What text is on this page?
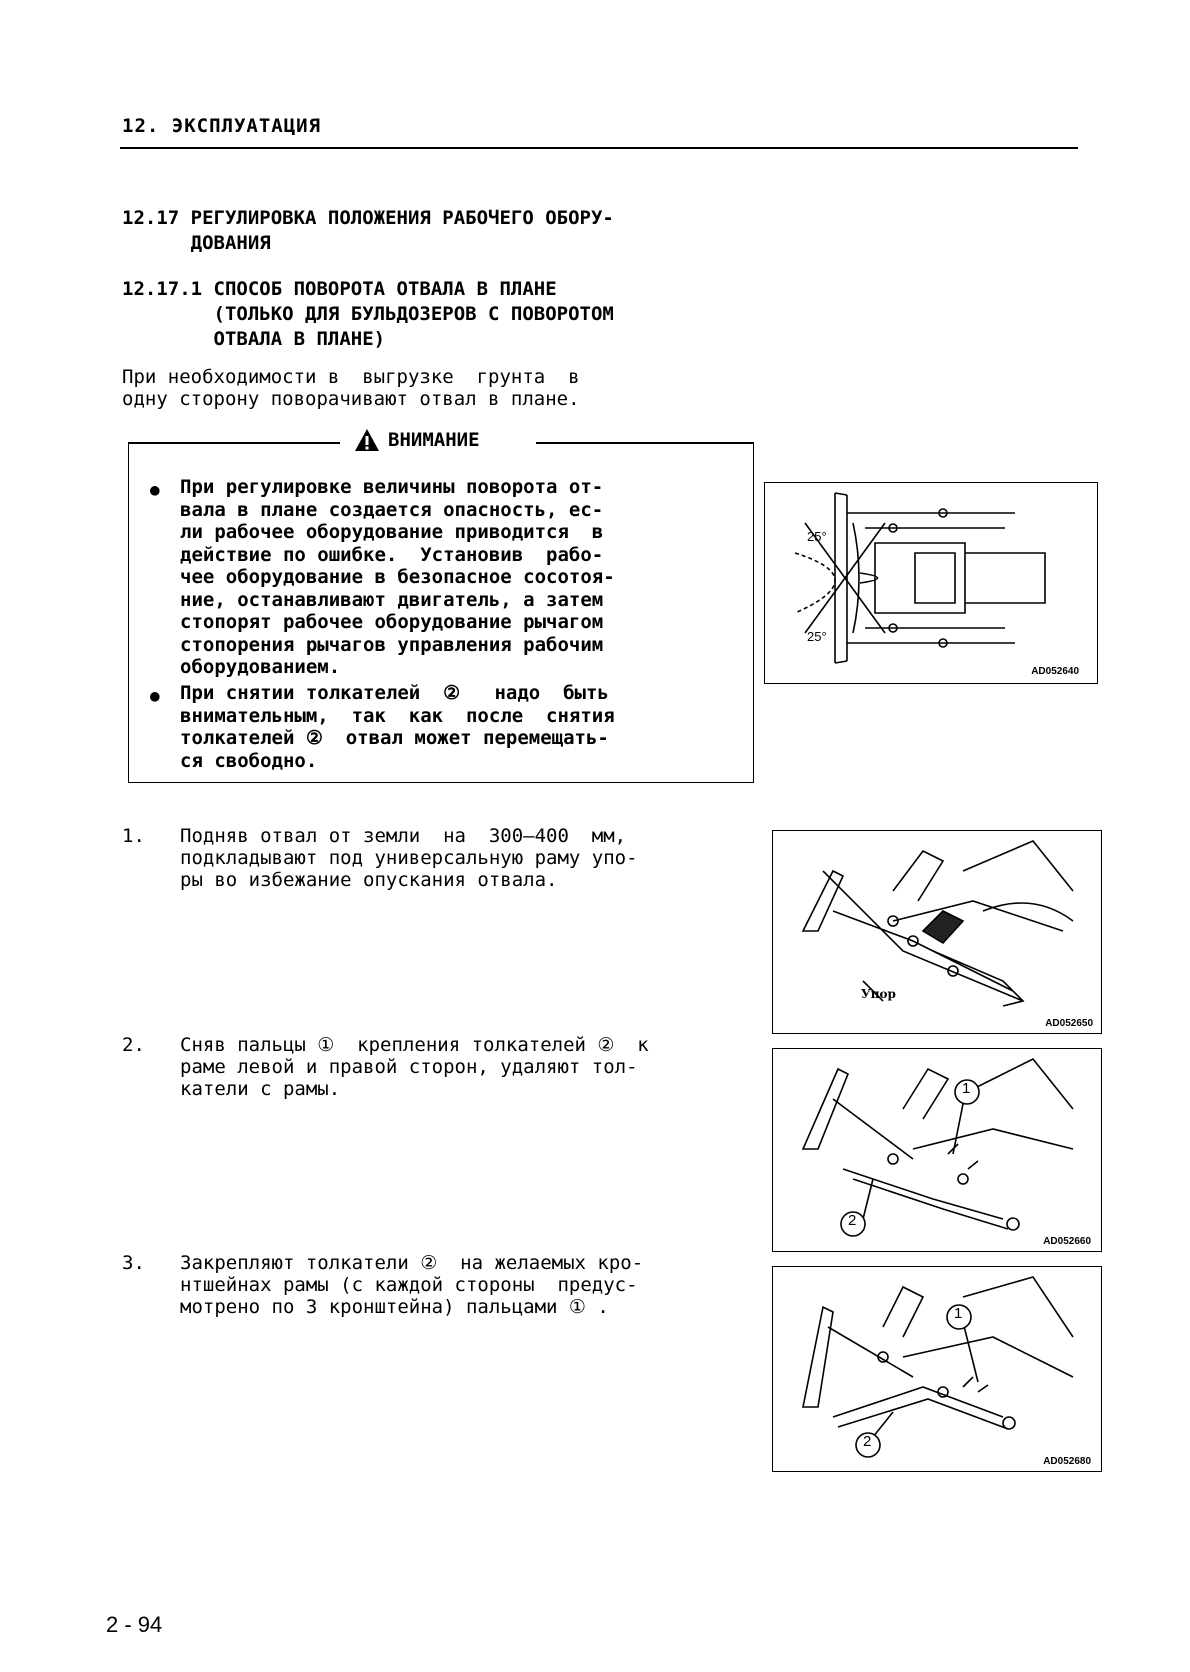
12. ЭКСПЛУАТАЦИЯ
12.17 РЕГУЛИРОВКА ПОЛОЖЕНИЯ РАБОЧЕГО ОБОРУ-
ДОВАНИЯ
12.17.1 СПОСОБ ПОВОРОТА ОТВАЛА В ПЛАНЕ
(ТОЛЬКО ДЛЯ БУЛЬДОЗЕРОВ С ПОВОРОТОМ
ОТВАЛА В ПЛАНЕ)
При необходимости в  выгрузке  грунта  в
одну сторону поворачивают отвал в плане.
ВНИМАНИЕ
● При регулировке величины поворота от-
вала в плане создается опасность, ес-
ли рабочее оборудование приводится  в
действие по ошибке.  Установив  рабо-
чее оборудование в безопасное сосотоя-
ние, останавливают двигатель, а затем
стопорят рабочее оборудование рычагом
стопорения рычагов управления рабочим
оборудованием.
● При снятии толкателей  ②   надо  быть
внимательным,  так  как  после  снятия
толкателей ②  отвал может перемещать-
ся свободно.
25°
25°
AD052640
1. Подняв отвал от земли  на  300—400  мм,
подкладывают под универсальную раму упо-
ры во избежание опускания отвала.
Упор
AD052650
2. Сняв пальцы ①  крепления толкателей ②  к
раме левой и правой сторон, удаляют тол-
катели с рамы.	1
2
AD052660
3. Закрепляют толкатели ②  на желаемых кро-
нтшейнах рамы (с каждой стороны  предус-
мотрено по 3 кронштейна) пальцами ① .	1
2
AD052680
2 - 94
